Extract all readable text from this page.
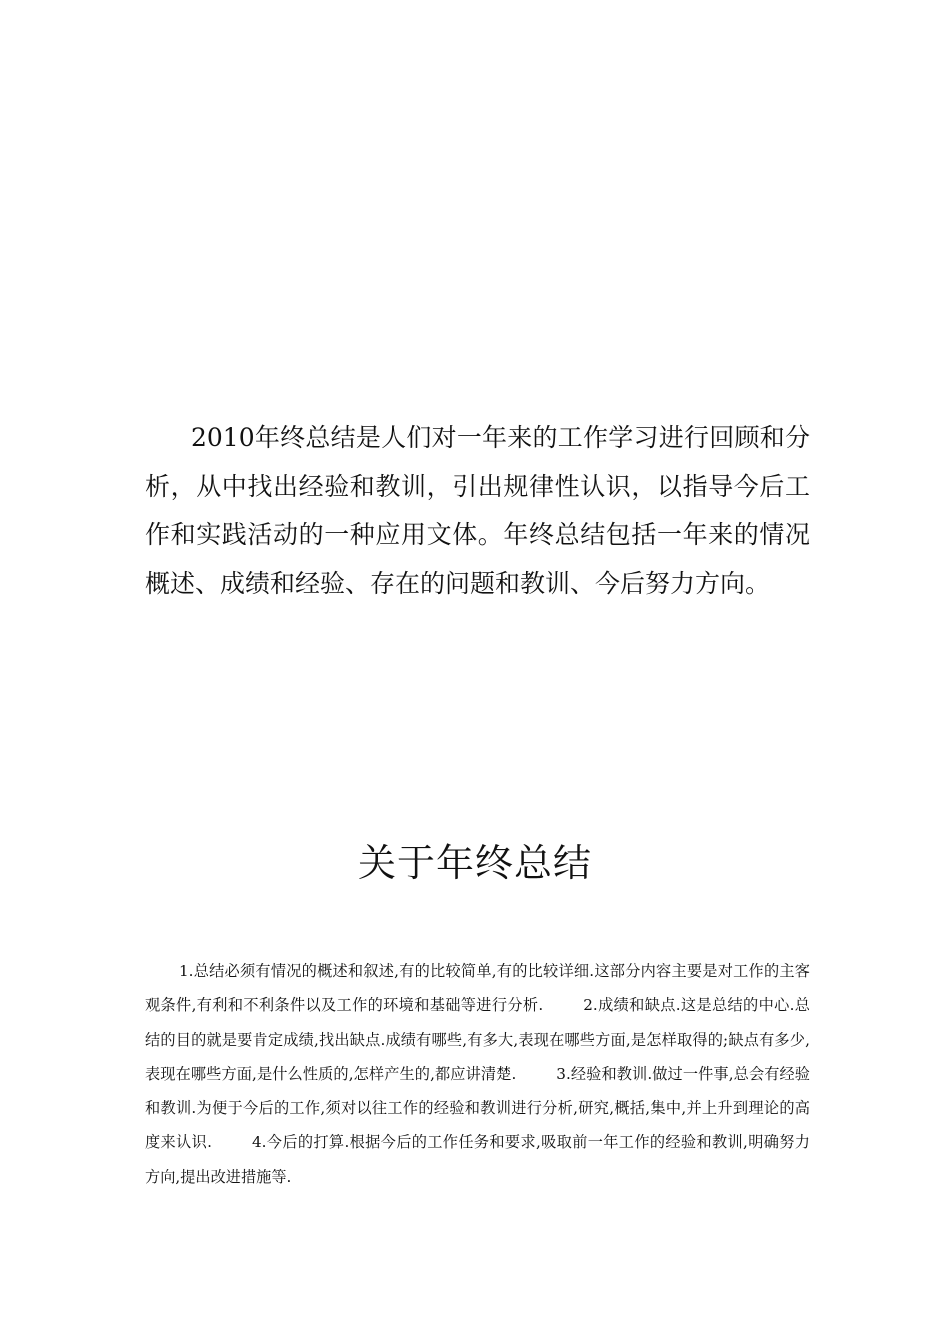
2010年终总结是人们对一年来的工作学习进行回顾和分析，从中找出经验和教训，引出规律性认识，以指导今后工作和实践活动的一种应用文体。年终总结包括一年来的情况概述、成绩和经验、存在的问题和教训、今后努力方向。

关于年终总结

1.总结必须有情况的概述和叙述,有的比较简单,有的比较详细.这部分内容主要是对工作的主客观条件,有利和不利条件以及工作的环境和基础等进行分析.	2.成绩和缺点.这是总结的中心.总结的目的就是要肯定成绩,找出缺点.成绩有哪些,有多大,表现在哪些方面,是怎样取得的;缺点有多少,表现在哪些方面,是什么性质的,怎样产生的,都应讲清楚.	3.经验和教训.做过一件事,总会有经验和教训.为便于今后的工作,须对以往工作的经验和教训进行分析,研究,概括,集中,并上升到理论的高度来认识.	4.今后的打算.根据今后的工作任务和要求,吸取前一年工作的经验和教训,明确努力方向,提出改进措施等.
